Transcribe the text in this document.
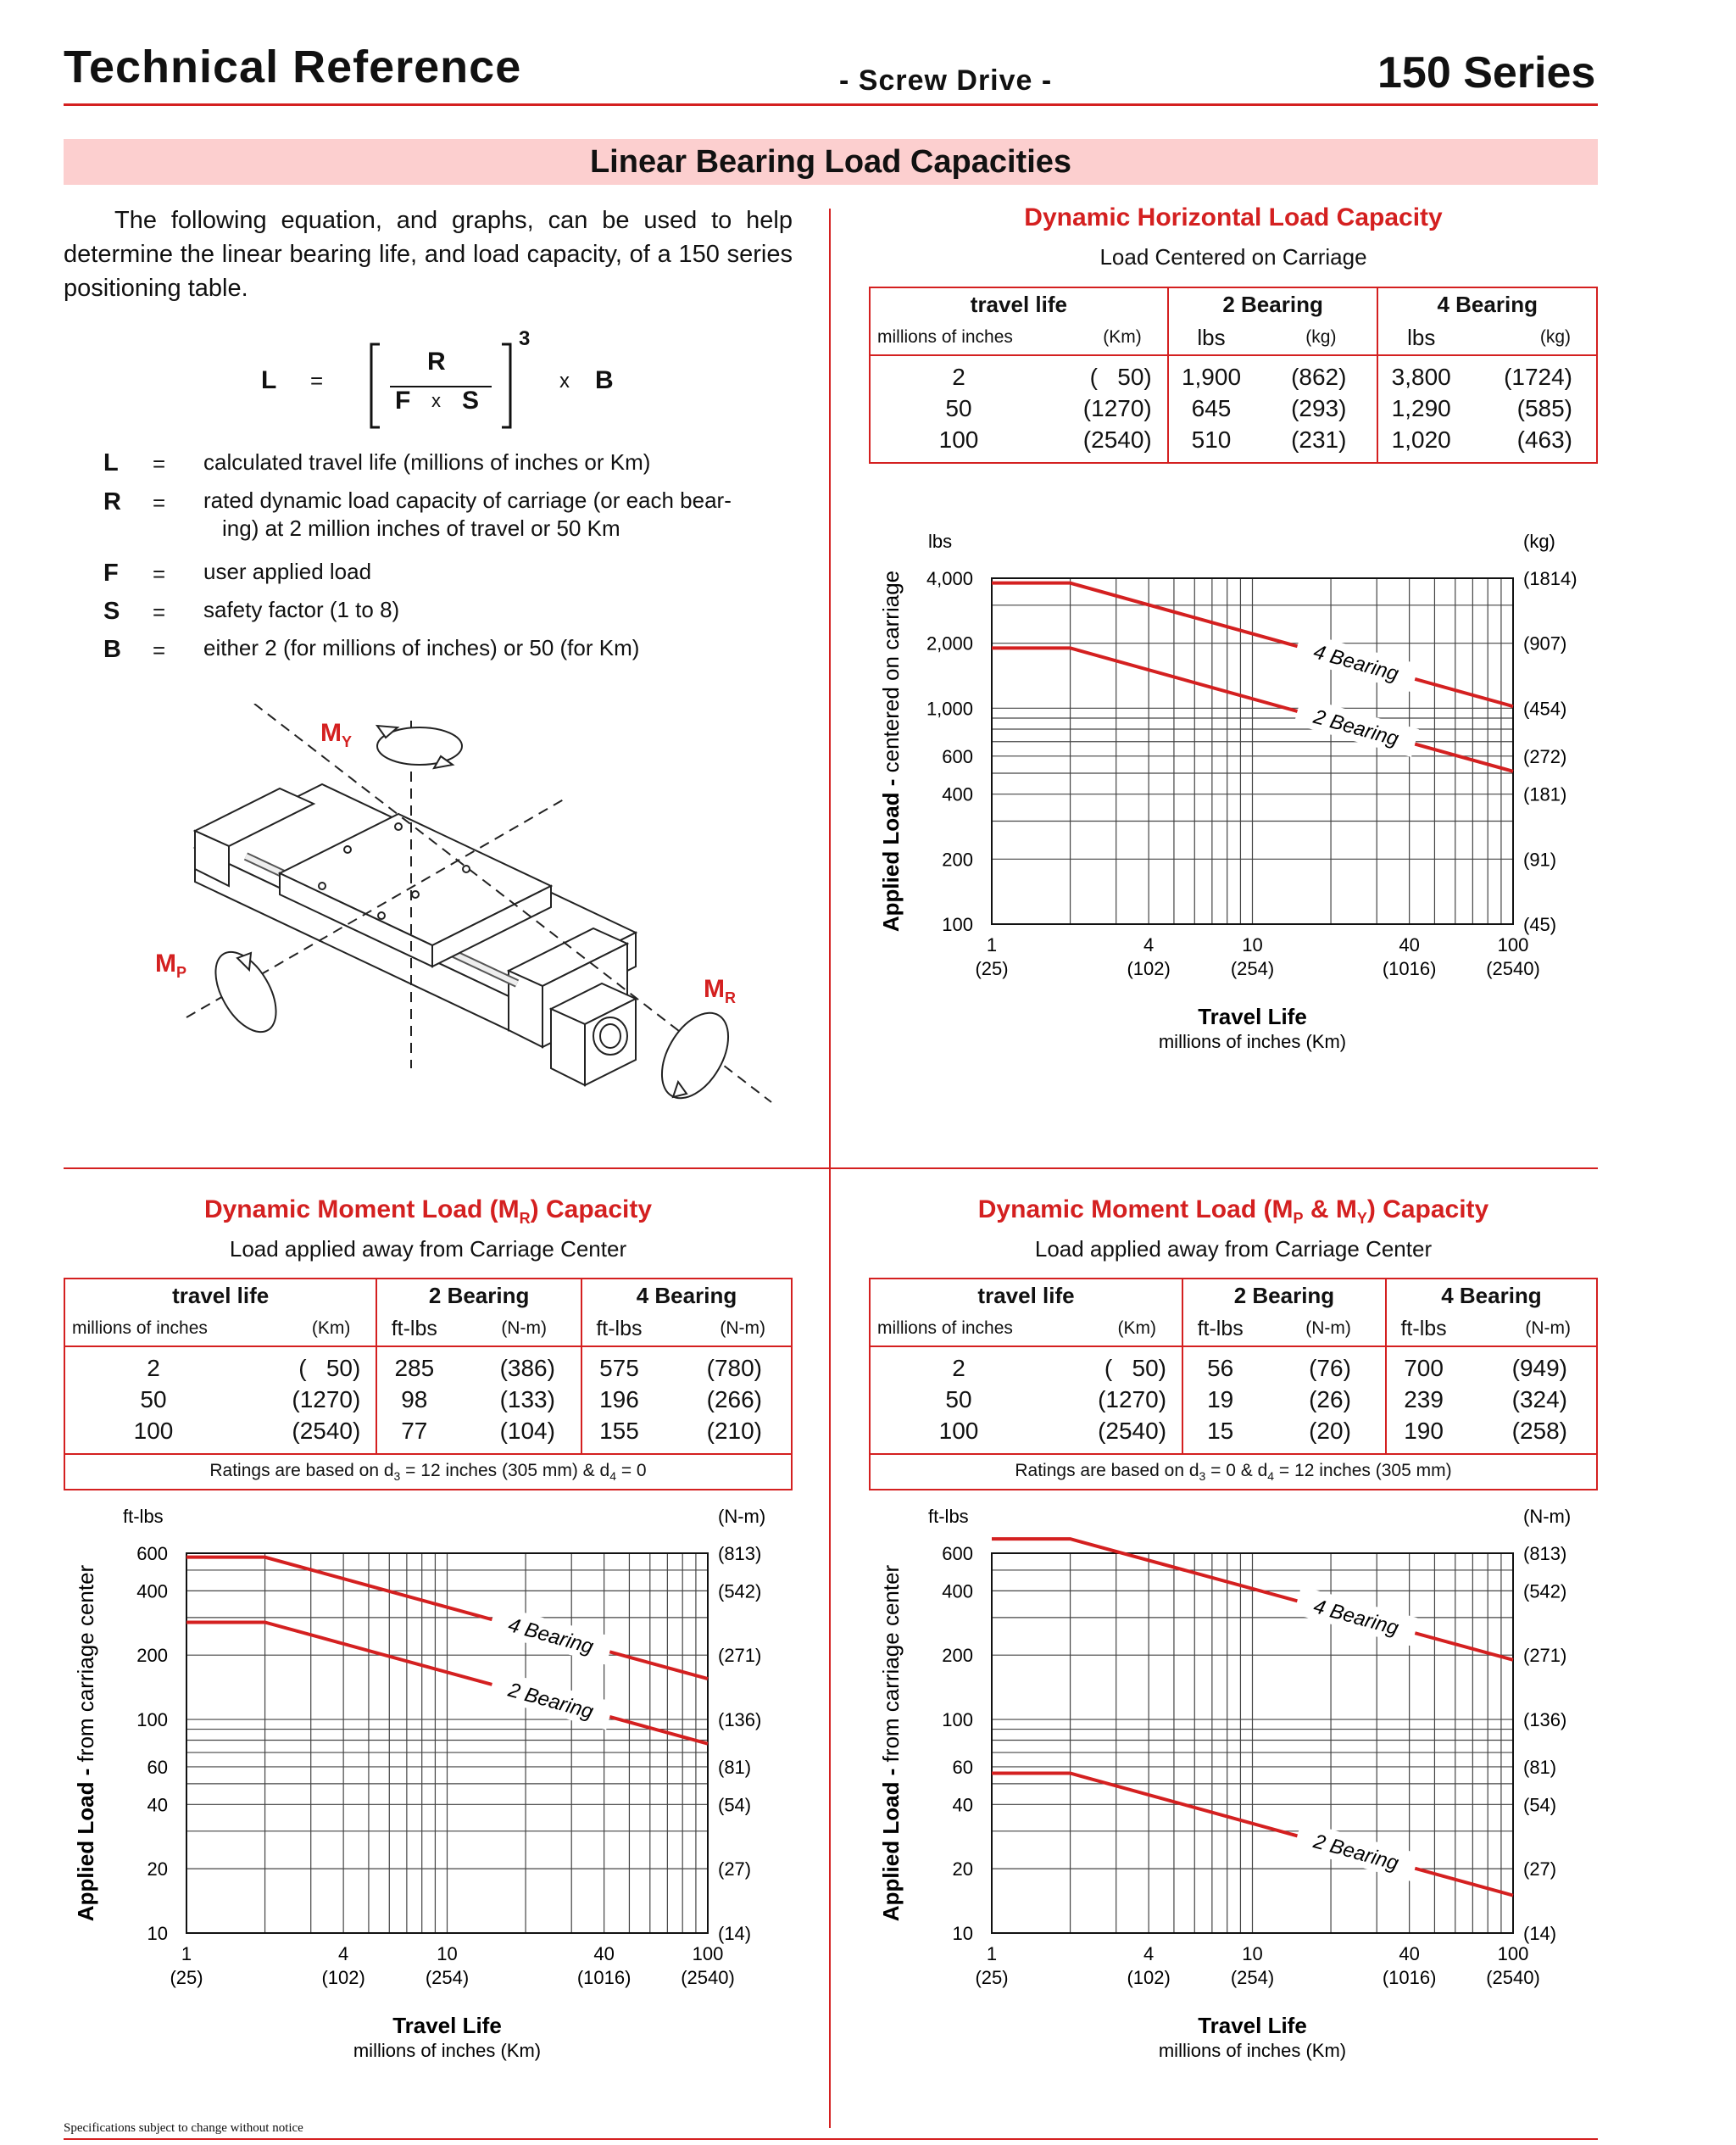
Technical Reference	- Screw Drive -	150 Series
Linear Bearing Load Capacities
The following equation, and graphs, can be used to help determine the linear bearing life, and load capacity, of a 150 series positioning table.
L =
R
F x S
3
x B
L = calculated travel life (millions of inches or Km)
R = rated dynamic load capacity of carriage (or each bear-
ing) at 2 million inches of travel or 50 Km
F = user applied load
S = safety factor (1 to 8)
B = either 2 (for millions of inches) or 50 (for Km)
$M_Y$
$M_P$
$M_R$
Dynamic Horizontal Load Capacity
Load Centered on Carriage
travel life		2 Bearing		4 Bearing	
millions of inches	(Km)	lbs	(kg)	lbs	(kg)

2	(   50)	1,900	(862)	3,800	(1724)
50	(1270)	645	(293)	1,290	(585)
100	(2540)	510	(231)	1,020	(463)
100	(45)
200	(91)
400	(181)
600	(272)
1,000	(454)
2,000	(907)
4,000	(1814)
lbs	(kg)
1
(25)
4
(102)
10
(254)
40
(1016)
100
(2540)
Travel Life
millions of inches (Km)
Applied Load - centered on carriage	4 Bearing
2 Bearing
Dynamic Moment Load $(M_R)$ Capacity
Load applied away from Carriage Center
travel life		2 Bearing		4 Bearing	
millions of inches	(Km)	ft-lbs	(N-m)	ft-lbs	(N-m)

2	(   50)	285	(386)	575	(780)
50	(1270)	98	(133)	196	(266)
100	(2540)	77	(104)	155	(210)
Ratings are based on $d_3 = 12$ inches (305 mm) & $d_4 = 0$					
10	(14)
20	(27)
40	(54)
60	(81)
100	(136)
200	(271)
400	(542)
600	(813)
ft-lbs	(N-m)
1
(25)
4
(102)
10
(254)
40
(1016)
100
(2540)
Travel Life
millions of inches (Km)
Applied Load - from carriage center	4 Bearing
2 Bearing
Dynamic Moment Load ($M_P$ & $M_Y$) Capacity
Load applied away from Carriage Center
travel life		2 Bearing		4 Bearing	
millions of inches	(Km)	ft-lbs	(N-m)	ft-lbs	(N-m)

2	(   50)	56	(76)	700	(949)
50	(1270)	19	(26)	239	(324)
100	(2540)	15	(20)	190	(258)
Ratings are based on $d_3 = 0$ & $d_4 = 12$ inches (305 mm)					
10	(14)
20	(27)
40	(54)
60	(81)
100	(136)
200	(271)
400	(542)
600	(813)
ft-lbs	(N-m)
1
(25)
4
(102)
10
(254)
40
(1016)
100
(2540)
Travel Life
millions of inches (Km)
Applied Load - from carriage center	4 Bearing
2 Bearing
Specifications subject to change without notice
